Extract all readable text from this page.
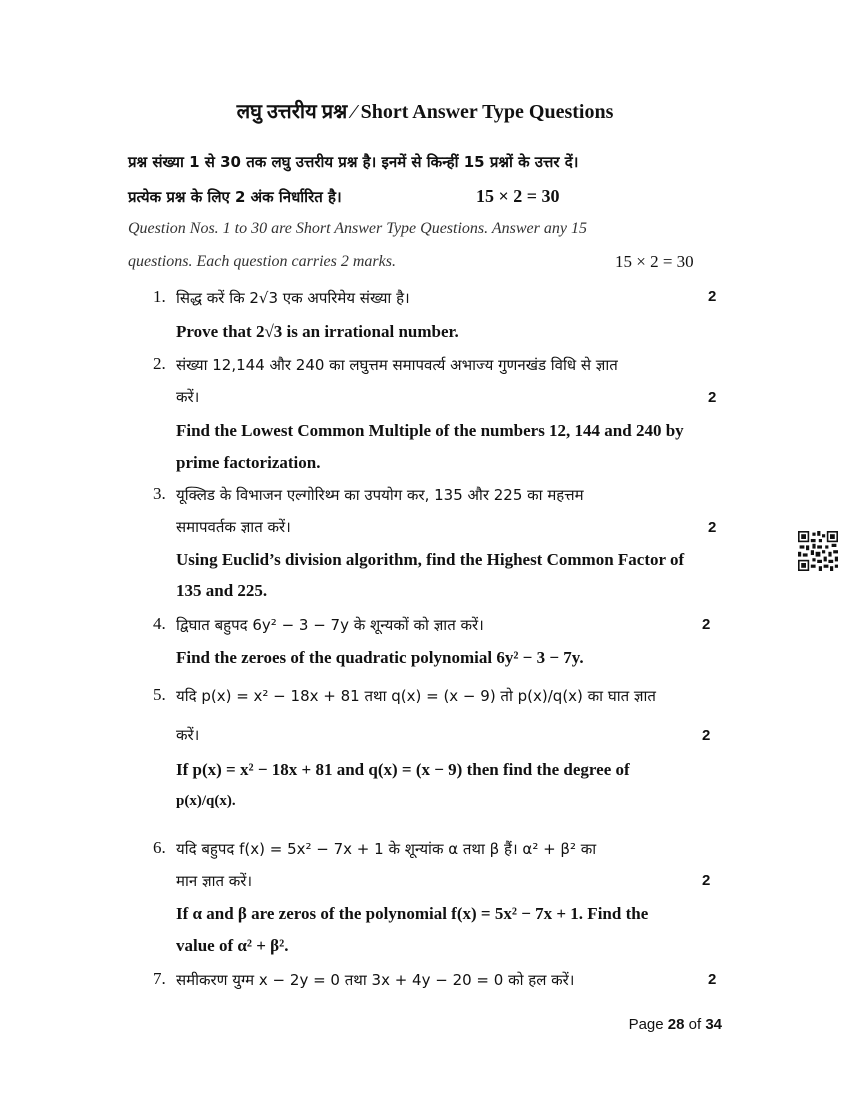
लघु उत्तरीय प्रश्न ⁄ Short Answer Type Questions
प्रश्न संख्या 1 से 30 तक लघु उत्तरीय प्रश्न है। इनमें से किन्हीं 15 प्रश्नों के उत्तर दें।
प्रत्येक प्रश्न के लिए 2 अंक निर्धारित है।	15 × 2 = 30
Question Nos. 1 to 30 are Short Answer Type Questions. Answer any 15
questions. Each question carries 2 marks.	15 × 2 = 30
1. सिद्ध करें कि 2√3 एक अपरिमेय संख्या है।	2
Prove that 2√3 is an irrational number.
2. संख्या 12,144 और 240 का लघुत्तम समापवर्त्य अभाज्य गुणनखंड विधि से ज्ञात
करें।	2
Find the Lowest Common Multiple of the numbers 12, 144 and 240 by
prime factorization.
3. यूक्लिड के विभाजन एल्गोरिथ्म का उपयोग कर, 135 और 225 का महत्तम
समापवर्तक ज्ञात करें।	2
Using Euclid’s division algorithm, find the Highest Common Factor of
135 and 225.
4. द्विघात बहुपद 6y² − 3 − 7y के शून्यकों को ज्ञात करें।	2
Find the zeroes of the quadratic polynomial 6y² − 3 − 7y.
5. यदि p(x) = x² − 18x + 81 तथा q(x) = (x − 9) तो p(x)/q(x) का घात ज्ञात
करें।	2
If p(x) = x² − 18x + 81 and q(x) = (x − 9) then find the degree of
p(x)/q(x).
6. यदि बहुपद f(x) = 5x² − 7x + 1 के शून्यांक α तथा β हैं। α² + β² का
मान ज्ञात करें।	2
If α and β are zeros of the polynomial f(x) = 5x² − 7x + 1. Find the
value of α² + β².
7. समीकरण युग्म x − 2y = 0 तथा 3x + 4y − 20 = 0 को हल करें।	2
Page 28 of 34
